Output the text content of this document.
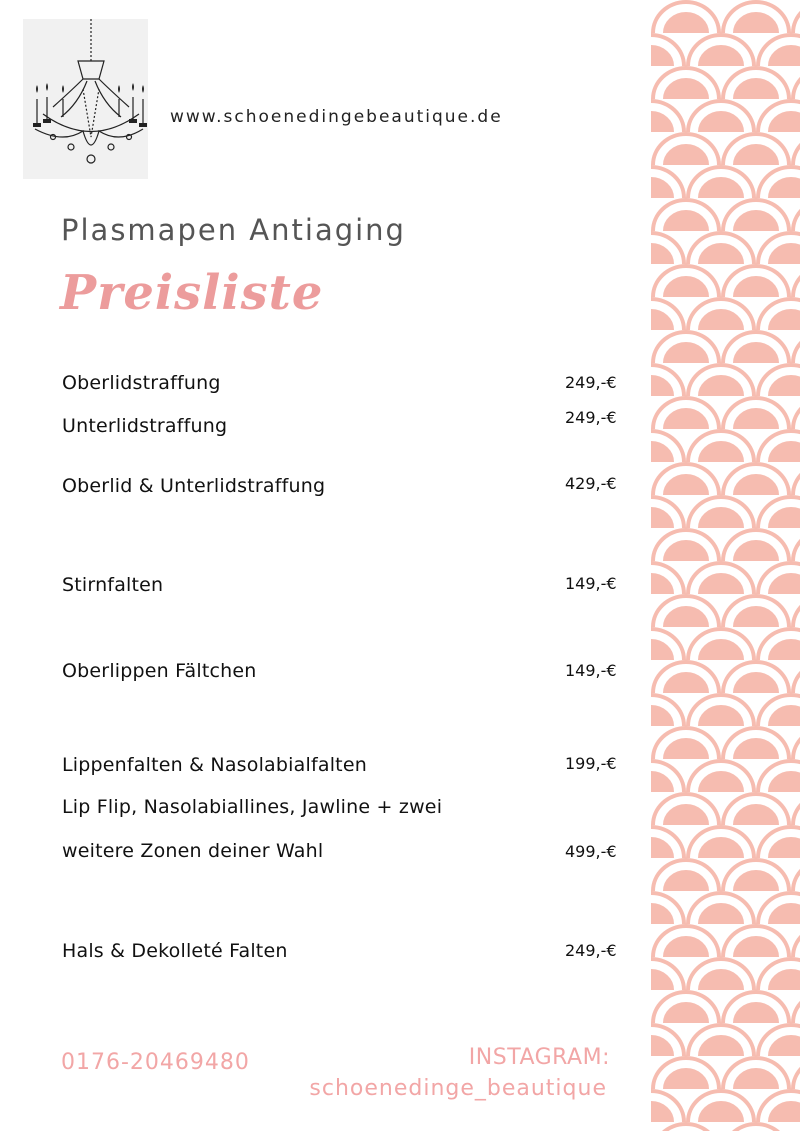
www.schoenedingebeautique.de
Plasmapen Antiaging
Preisliste
Oberlidstraffung	249,-€
Unterlidstraffung	249,-€
Oberlid & Unterlidstraffung	429,-€
Stirnfalten	149,-€
Oberlippen Fältchen	149,-€
Lippenfalten & Nasolabialfalten	199,-€
Lip Flip, Nasolabiallines, Jawline + zwei
weitere Zonen deiner Wahl	499,-€
Hals & Dekolleté Falten	249,-€
0176-20469480	INSTAGRAM:
schoenedinge_beautique
